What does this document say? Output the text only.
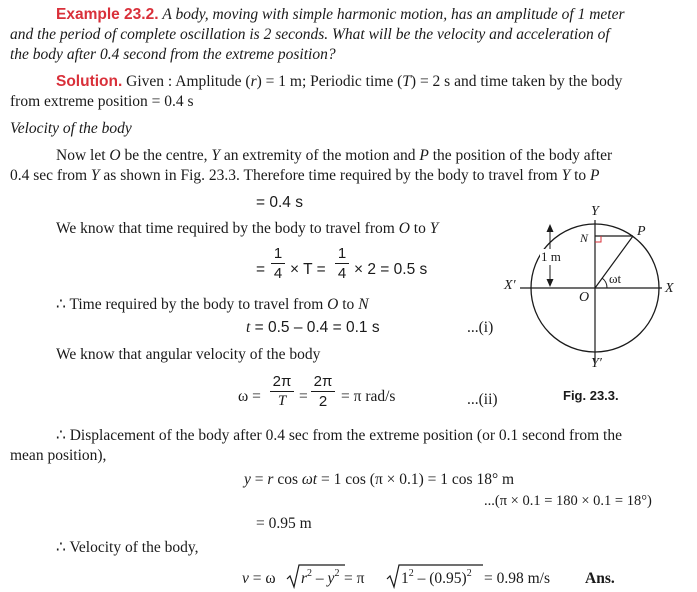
Example 23.2. A body, moving with simple harmonic motion, has an amplitude of 1 meter
and the period of complete oscillation is 2 seconds. What will be the velocity and acceleration of
the body after 0.4 second from the extreme position?
Solution. Given : Amplitude (r) = 1 m; Periodic time (T) = 2 s and time taken by the body
from extreme position = 0.4 s
Velocity of the body
Now let O be the centre, Y an extremity of the motion and P the position of the body after
0.4 sec from Y as shown in Fig. 23.3. Therefore time required by the body to travel from Y to P
= 0.4 s
We know that time required by the body to travel from O to Y
=
1
4 × T =
1
4 × 2 = 0.5 s
∴ Time required by the body to travel from O to N
t = 0.5 – 0.4 = 0.1 s	...(i)
We know that angular velocity of the body
ω =
2π
T =
2π
2 = π rad/s	...(ii)
∴ Displacement of the body after 0.4 sec from the extreme position (or 0.1 second from the
mean position),
y = r cos ωt = 1 cos (π × 0.1) = 1 cos 18° m
...(π × 0.1 = 180 × 0.1 = 18°)
= 0.95 m
∴ Velocity of the body,
v = ω $r^2 - y^2 = \pi$ $1^2 - (0.95)^2 = 0.98$ m/s Ans.
Y
Y′
X
X′
O
N	P
1 m
ωt
Fig. 23.3.
